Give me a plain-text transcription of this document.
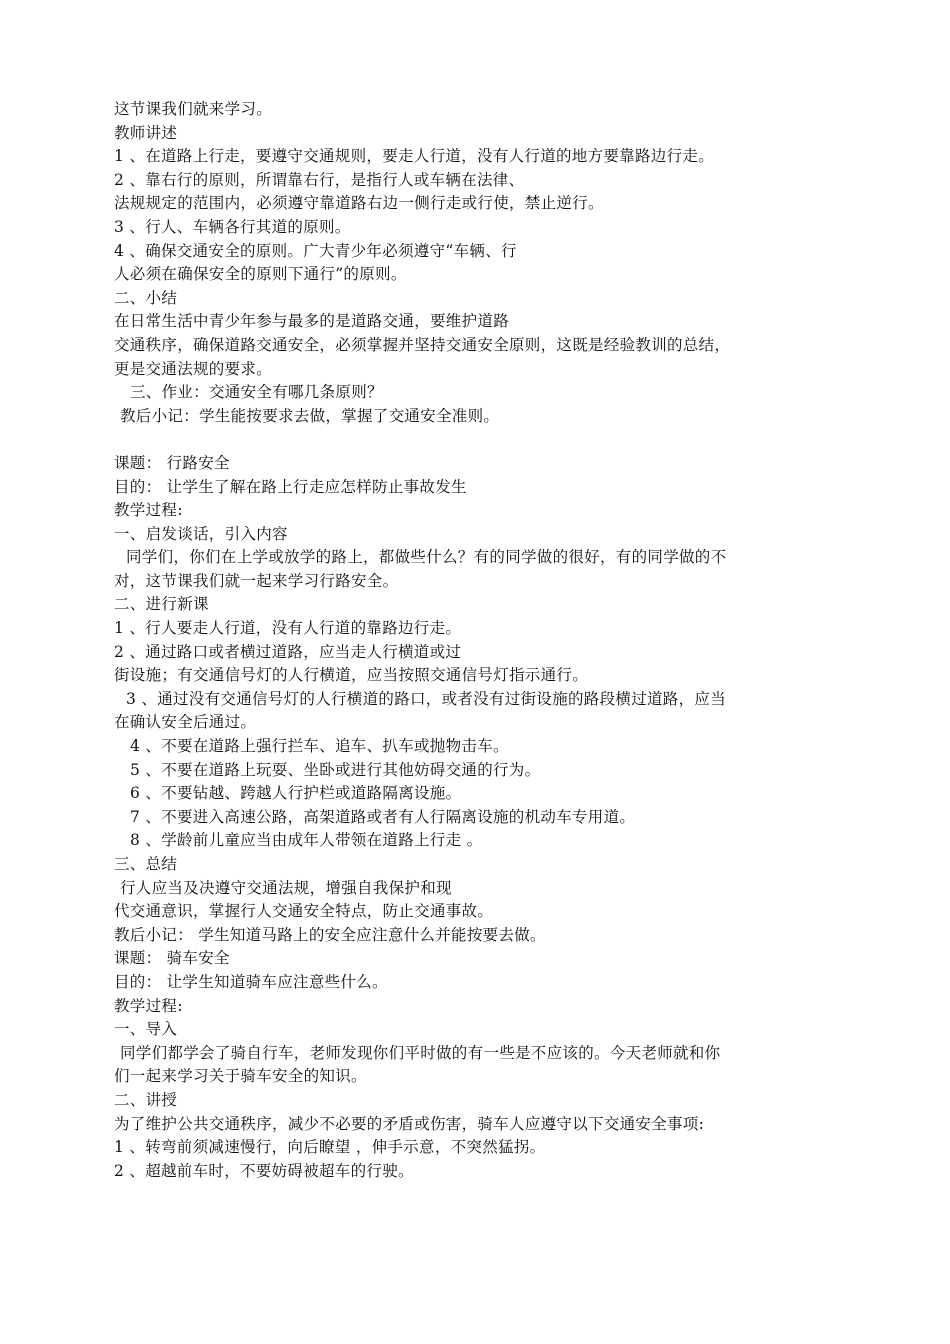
这节课我们就来学习。
教师讲述
1 、在道路上行走，要遵守交通规则，要走人行道，没有人行道的地方要靠路边行走。
2 、靠右行的原则，所谓靠右行，是指行人或车辆在法律、
法规规定的范围内，必须遵守靠道路右边一侧行走或行使，禁止逆行。
3 、行人、车辆各行其道的原则。
4 、确保交通安全的原则。广大青少年必须遵守“车辆、行
人必须在确保安全的原则下通行”的原则。
二、小结
在日常生活中青少年参与最多的是道路交通，要维护道路
交通秩序，确保道路交通安全，必须掌握并坚持交通安全原则，这既是经验教训的总结，
更是交通法规的要求。
三、作业：交通安全有哪几条原则？
教后小记：学生能按要求去做，掌握了交通安全准则。
课题： 行路安全
目的： 让学生了解在路上行走应怎样防止事故发生
教学过程:
一、启发谈话，引入内容
同学们，你们在上学或放学的路上，都做些什么？有的同学做的很好，有的同学做的不
对，这节课我们就一起来学习行路安全。
二、进行新课
1 、行人要走人行道，没有人行道的靠路边行走。
2 、通过路口或者横过道路，应当走人行横道或过
街设施；有交通信号灯的人行横道，应当按照交通信号灯指示通行。
3 、通过没有交通信号灯的人行横道的路口，或者没有过街设施的路段横过道路，应当
在确认安全后通过。
4 、不要在道路上强行拦车、追车、扒车或抛物击车。
5 、不要在道路上玩耍、坐卧或进行其他妨碍交通的行为。
6 、不要钻越、跨越人行护栏或道路隔离设施。
7 、不要进入高速公路，高架道路或者有人行隔离设施的机动车专用道。
8 、学龄前儿童应当由成年人带领在道路上行走 。
三、总结
行人应当及决遵守交通法规，增强自我保护和现
代交通意识，掌握行人交通安全特点，防止交通事故。
教后小记： 学生知道马路上的安全应注意什么并能按要去做。
课题： 骑车安全
目的： 让学生知道骑车应注意些什么。
教学过程:
一、导入
同学们都学会了骑自行车，老师发现你们平时做的有一些是不应该的。今天老师就和你
们一起来学习关于骑车安全的知识。
二、讲授
为了维护公共交通秩序，减少不必要的矛盾或伤害，骑车人应遵守以下交通安全事项:
1 、转弯前须减速慢行，向后瞭望 ，伸手示意，不突然猛拐。
2 、超越前车时，不要妨碍被超车的行驶。
